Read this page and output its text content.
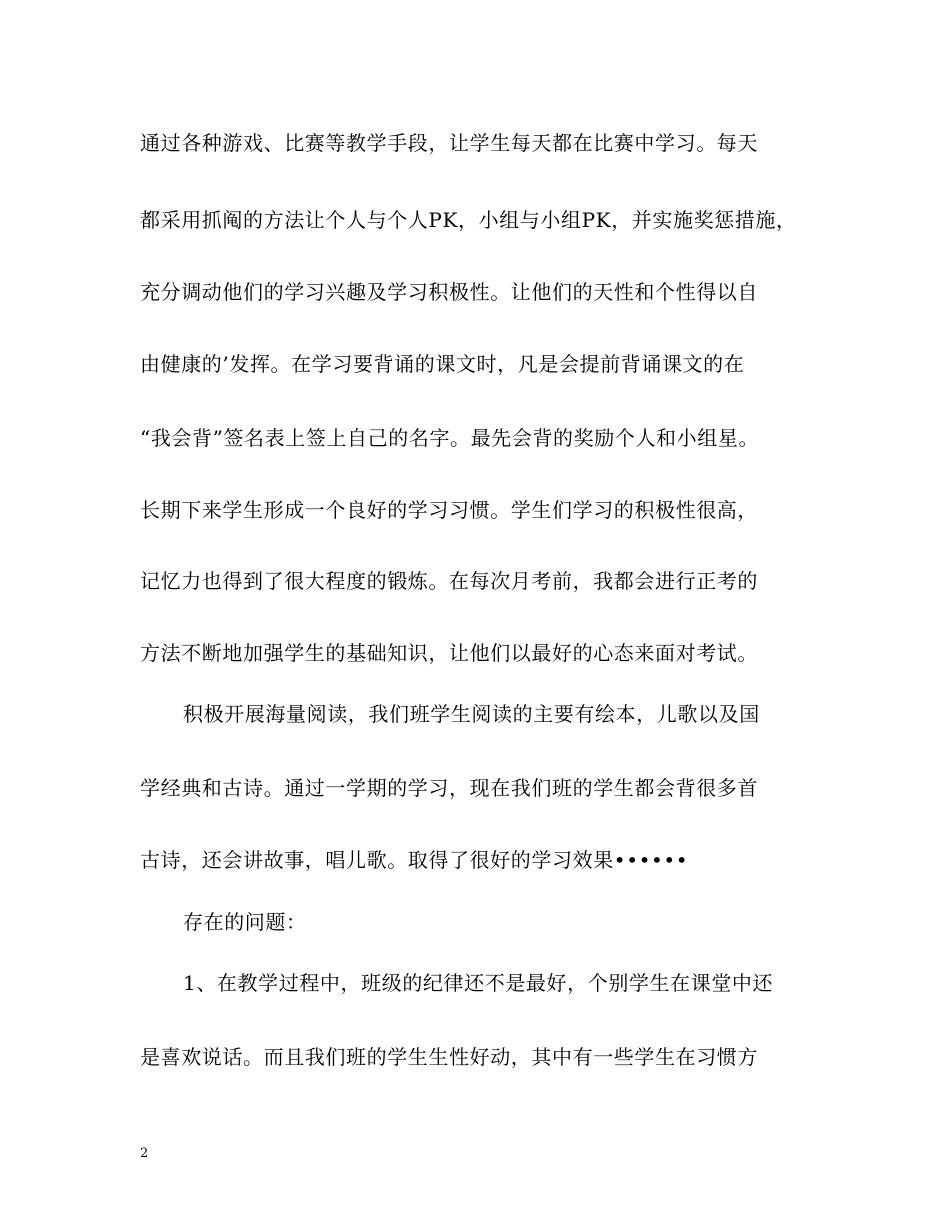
通过各种游戏、比赛等教学手段，让学生每天都在比赛中学习。每天
都采用抓阄的方法让个人与个人PK，小组与小组PK，并实施奖惩措施，
充分调动他们的学习兴趣及学习积极性。让他们的天性和个性得以自
由健康的’发挥。在学习要背诵的课文时，凡是会提前背诵课文的在
“我会背”签名表上签上自己的名字。最先会背的奖励个人和小组星。
长期下来学生形成一个良好的学习习惯。学生们学习的积极性很高，
记忆力也得到了很大程度的锻炼。在每次月考前，我都会进行正考的
方法不断地加强学生的基础知识，让他们以最好的心态来面对考试。
积极开展海量阅读，我们班学生阅读的主要有绘本，儿歌以及国
学经典和古诗。通过一学期的学习，现在我们班的学生都会背很多首
古诗，还会讲故事，唱儿歌。取得了很好的学习效果••••••
存在的问题：
1、在教学过程中，班级的纪律还不是最好，个别学生在课堂中还
是喜欢说话。而且我们班的学生生性好动，其中有一些学生在习惯方
2
